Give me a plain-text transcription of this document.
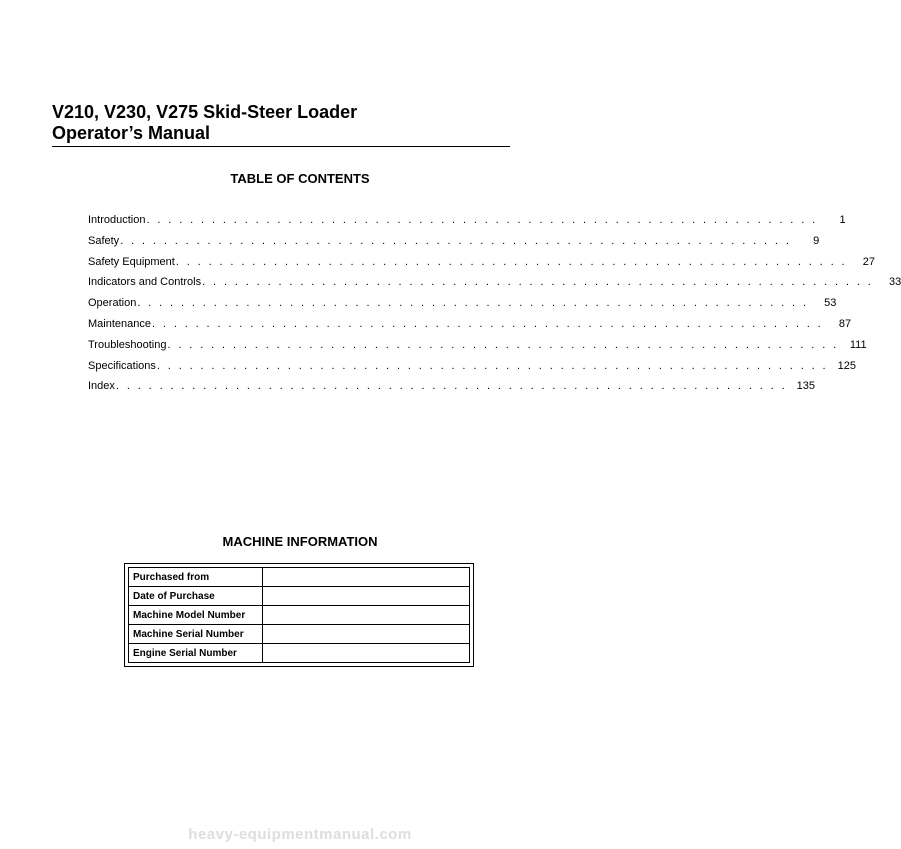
V210, V230, V275 Skid-Steer Loader
Operator’s Manual
TABLE OF CONTENTS
Introduction . . . . . . . . . . . . . . . . . . . . . . . . . . . . . . . . . . . . . . . . . . . . . . . . . . . . . . . . . . . . . .	1
Safety . . . . . . . . . . . . . . . . . . . . . . . . . . . . . . . . . . . . . . . . . . . . . . . . . . . . . . . . . . . . . .	9
Safety Equipment . . . . . . . . . . . . . . . . . . . . . . . . . . . . . . . . . . . . . . . . . . . . . . . . . . . . . . . . . . . . . .	27
Indicators and Controls . . . . . . . . . . . . . . . . . . . . . . . . . . . . . . . . . . . . . . . . . . . . . . . . . . . . . . . . . . . . . .	33
Operation . . . . . . . . . . . . . . . . . . . . . . . . . . . . . . . . . . . . . . . . . . . . . . . . . . . . . . . . . . . . . .	53
Maintenance . . . . . . . . . . . . . . . . . . . . . . . . . . . . . . . . . . . . . . . . . . . . . . . . . . . . . . . . . . . . . .	87
Troubleshooting . . . . . . . . . . . . . . . . . . . . . . . . . . . . . . . . . . . . . . . . . . . . . . . . . . . . . . . . . . . . . .	111
Specifications . . . . . . . . . . . . . . . . . . . . . . . . . . . . . . . . . . . . . . . . . . . . . . . . . . . . . . . . . . . . . . 125
Index . . . . . . . . . . . . . . . . . . . . . . . . . . . . . . . . . . . . . . . . . . . . . . . . . . . . . . . . . . . . . . 135
MACHINE INFORMATION
Purchased from	
Date of Purchase	
Machine Model Number	
Machine Serial Number	
Engine Serial Number	
heavy-equipmentmanual.com
